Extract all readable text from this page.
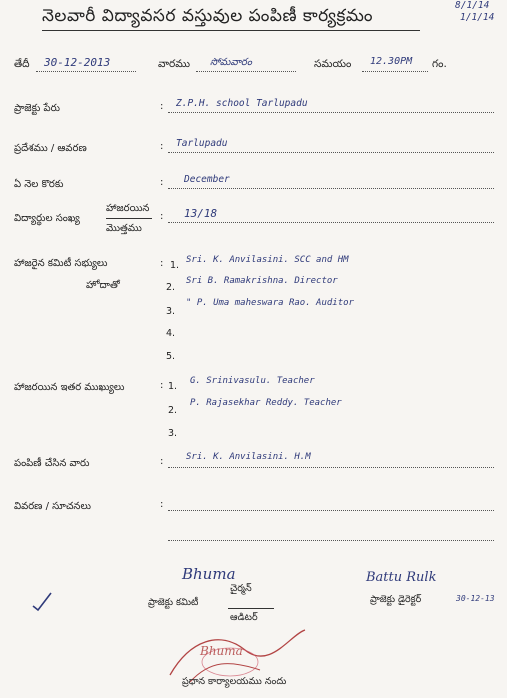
నెలవారీ విద్యావసర వస్తువుల పంపిణీ కార్యక్రమం
8/1/14
1/1/14
తేదీ 30-12-2013	వారము సోమవారం	సమయం 12.30PM గం.
ప్రాజెక్టు పేరు	: Z.P.H. school Tarlupadu
ప్రదేశము / ఆవరణ	: Tarlupadu
ఏ నెల కొరకు	: December
విద్యార్థుల సంఖ్య
హాజరయిన
మొత్తము
: 13/18
హాజరైన కమిటీ సభ్యులు
హోదాతో
: 1. Sri. K. Anvilasini. SCC and HM
2.
Sri B. Ramakrishna. Director
3.
" P. Uma maheswara Rao. Auditor
4.
5.
హాజరయిన ఇతర ముఖ్యులు	: 1. G. Srinivasulu. Teacher
2.
P. Rajasekhar Reddy. Teacher
3.
పంపిణీ చేసిన వారు	:	Sri. K. Anvilasini. H.M
వివరణ / సూచనలు	:
Bhuma
చైర్మన్
ప్రాజెక్టు కమిటీ
ఆడిటర్
Battu Rulk
ప్రాజెక్టు డైరెక్టర్	30-12-13
Bhuma
ప్రధాన కార్యాలయము నందు
